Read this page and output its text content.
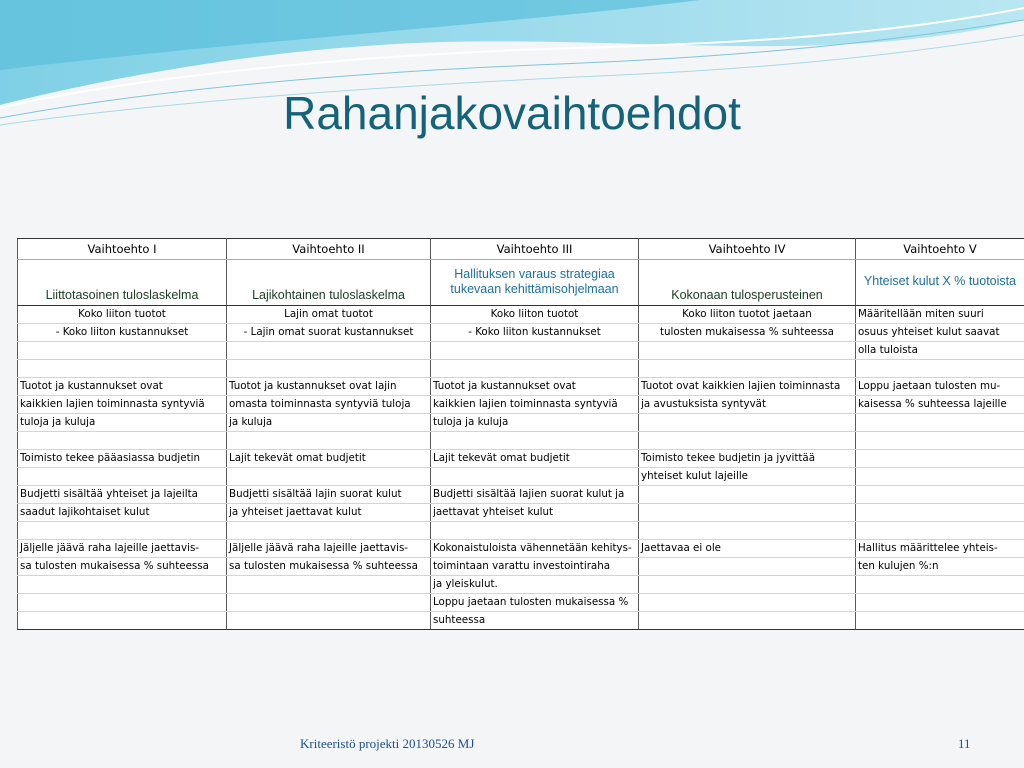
Rahanjakovaihtoehdot
Vaihtoehto I	Vaihtoehto II	Vaihtoehto III	Vaihtoehto IV	Vaihtoehto V
Liittotasoinen tuloslaskelma	Lajikohtainen tuloslaskelma	Hallituksen varaus strategiaa tukevaan kehittämisohjelmaan	Kokonaan tulosperusteinen	Yhteiset kulut X % tuotoista
Koko liiton tuotot	Lajin omat tuotot	Koko liiton tuotot	Koko liiton tuotot jaetaan	Määritellään miten suuri
- Koko liiton kustannukset	- Lajin omat suorat kustannukset	- Koko liiton kustannukset	tulosten mukaisessa % suhteessa	osuus yhteiset kulut saavat
				olla tuloista

Tuotot ja kustannukset ovat	Tuotot ja kustannukset ovat lajin	Tuotot ja kustannukset ovat	Tuotot ovat kaikkien lajien toiminnasta	Loppu jaetaan tulosten mu-
kaikkien lajien toiminnasta syntyviä	omasta toiminnasta syntyviä tuloja	kaikkien lajien toiminnasta syntyviä	ja avustuksista syntyvät	kaisessa % suhteessa lajeille
tuloja ja kuluja	ja kuluja	tuloja ja kuluja		

Toimisto tekee pääasiassa budjetin	Lajit tekevät omat budjetit	Lajit tekevät omat budjetit	Toimisto tekee budjetin ja jyvittää	
			yhteiset kulut lajeille	
Budjetti sisältää yhteiset ja lajeilta	Budjetti sisältää lajin suorat kulut	Budjetti sisältää lajien suorat kulut ja		
saadut lajikohtaiset kulut	ja yhteiset jaettavat kulut	jaettavat yhteiset kulut		

Jäljelle jäävä raha lajeille jaettavis-	Jäljelle jäävä raha lajeille jaettavis-	Kokonaistuloista vähennetään kehitys-	Jaettavaa ei ole	Hallitus määrittelee yhteis-
sa tulosten mukaisessa % suhteessa	sa tulosten mukaisessa % suhteessa	toimintaan varattu investointiraha		ten kulujen %:n
		ja yleiskulut.		
		Loppu jaetaan tulosten mukaisessa %		
		suhteessa		
Kriteeristö projekti 20130526 MJ	11
